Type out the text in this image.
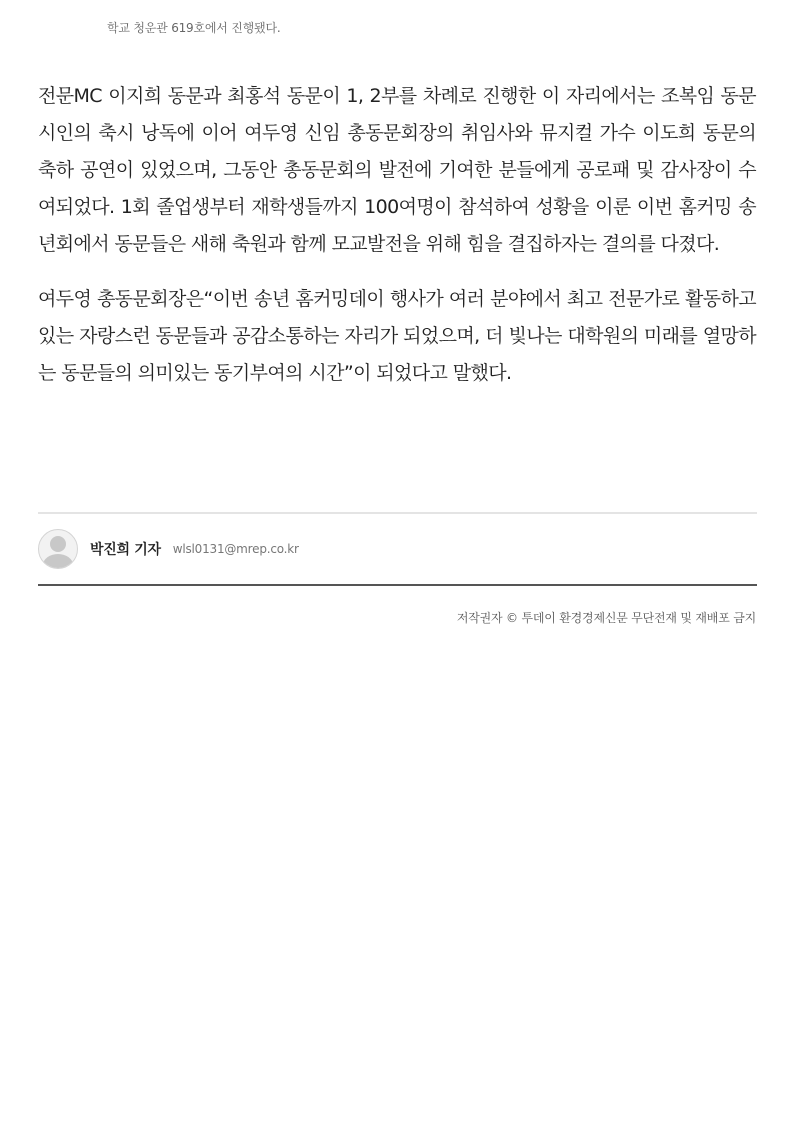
학교 청운관 619호에서 진행됐다.

전문MC 이지희 동문과 최홍석 동문이 1, 2부를 차례로 진행한 이 자리에서는 조복임 동문시인의 축시 낭독에 이어 여두영 신임 총동문회장의 취임사와 뮤지컬 가수 이도희 동문의 축하 공연이 있었으며, 그동안 총동문회의 발전에 기여한 분들에게 공로패 및 감사장이 수여되었다. 1회 졸업생부터 재학생들까지 100여명이 참석하여 성황을 이룬 이번 홈커밍 송년회에서 동문들은 새해 축원과 함께 모교발전을 위해 힘을 결집하자는 결의를 다졌다.

여두영 총동문회장은“이번 송년 홈커밍데이 행사가 여러 분야에서 최고 전문가로 활동하고 있는 자랑스런 동문들과 공감소통하는 자리가 되었으며, 더 빛나는 대학원의 미래를 열망하는 동문들의 의미있는 동기부여의 시간”이 되었다고 말했다.

박진희 기자 wlsl0131@mrep.co.kr
저작권자 © 투데이 환경경제신문 무단전재 및 재배포 금지
